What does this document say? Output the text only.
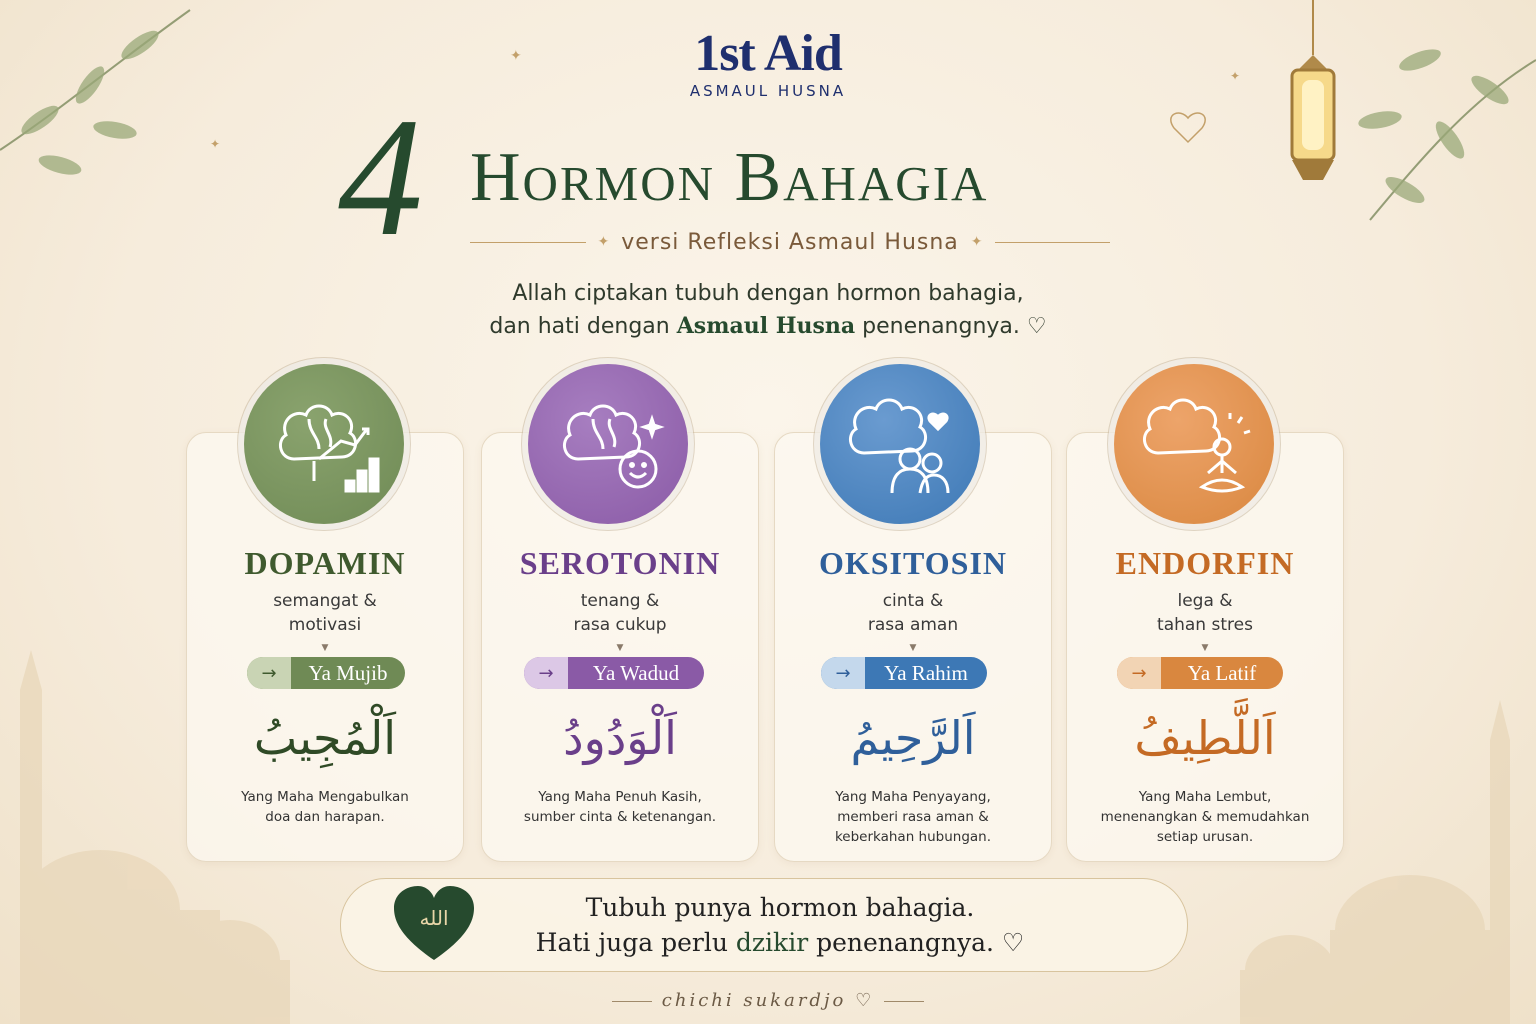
✦
✦
✦
1st Aid
ASMAUL HUSNA
4 Hormon Bahagia
✦ versi Refleksi Asmaul Husna ✦
Allah ciptakan tubuh dengan hormon bahagia,
dan hati dengan Asmaul Husna penenangnya. ♡
DOPAMIN
semangat &
motivasi
▼
→	Ya Mujib
اَلْمُجِيبُ
Yang Maha Mengabulkan
doa dan harapan.
SEROTONIN
tenang &
rasa cukup
▼
→	Ya Wadud
اَلْوَدُودُ
Yang Maha Penuh Kasih,
sumber cinta & ketenangan.
OKSITOSIN
cinta &
rasa aman
▼
→	Ya Rahim
اَلرَّحِيمُ
Yang Maha Penyayang,
memberi rasa aman &
keberkahan hubungan.
ENDORFIN
lega &
tahan stres
▼
→	Ya Latif
اَللَّطِيفُ
Yang Maha Lembut,
menenangkan & memudahkan
setiap urusan.
الله	Tubuh punya hormon bahagia.
Hati juga perlu dzikir penenangnya. ♡
chichi sukardjo ♡
